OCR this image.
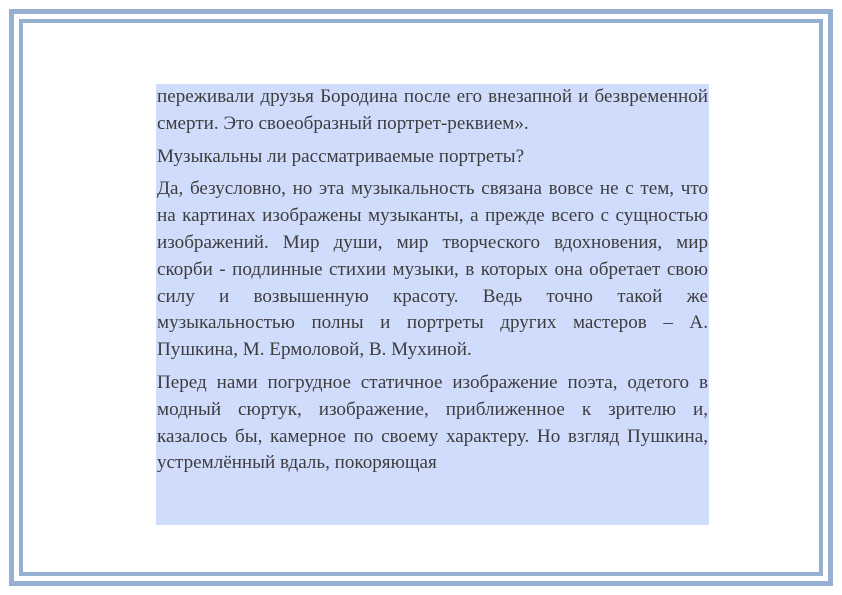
переживали друзья Бородина после его внезапной и безвременной смерти. Это своеобразный портрет-реквием».

Музыкальны ли рассматриваемые портреты?

Да, безусловно, но эта музыкальность связана вовсе не с тем, что на картинах изображены музыканты, а прежде всего с сущностью изображений. Мир души, мир творческого вдохновения, мир скорби - подлинные стихии музыки, в которых она обретает свою силу и возвышенную красоту. Ведь точно такой же музыкальностью полны и портреты других мастеров – А. Пушкина, М. Ермоловой, В. Мухиной.

Перед нами погрудное статичное изображение поэта, одетого в модный сюртук, изображение, приближенное к зрителю и, казалось бы, камерное по своему характеру. Но взгляд Пушкина, устремлённый вдаль, покоряющая
